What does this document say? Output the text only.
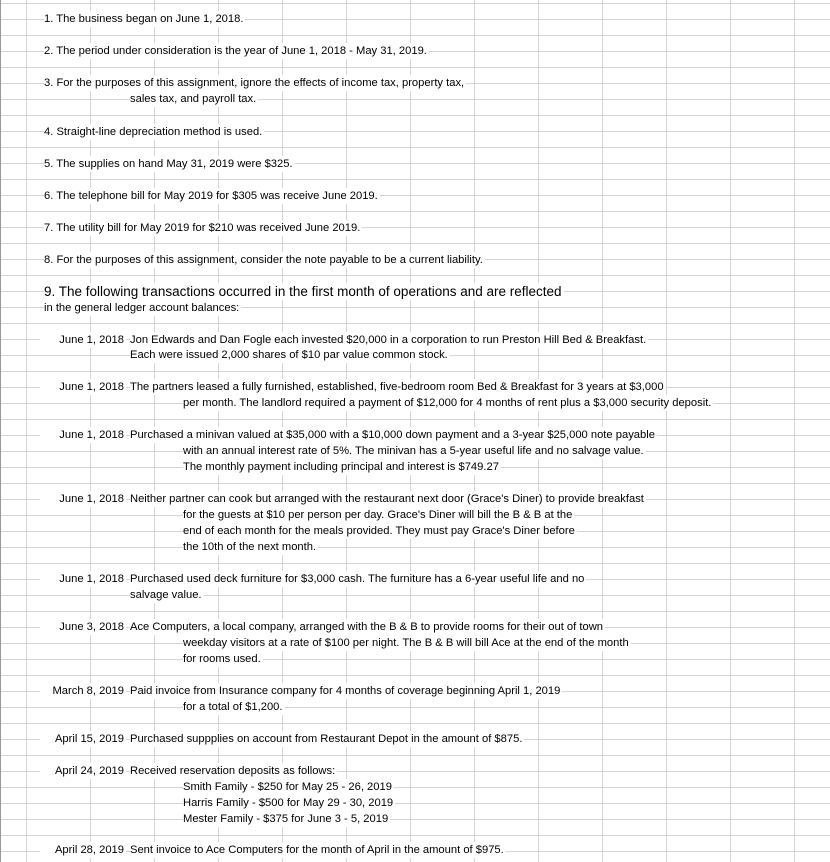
1. The business began on June 1, 2018.
2. The period under consideration is the year of June 1, 2018 - May 31, 2019.
3. For the purposes of this assignment, ignore the effects of income tax, property tax,
sales tax, and payroll tax.
4. Straight-line depreciation method is used.
5. The supplies on hand May 31, 2019 were $325.
6. The telephone bill for May 2019 for $305 was receive June 2019.
7. The utility bill for May 2019 for $210 was received June 2019.
8. For the purposes of this assignment, consider the note payable to be a current liability.
9. The following transactions occurred in the first month of operations and are reflected
in the general ledger account balances:
June 1, 2018 Jon Edwards and Dan Fogle each invested $20,000 in a corporation to run Preston Hill Bed & Breakfast.
Each were issued 2,000 shares of $10 par value common stock.
June 1, 2018 The partners leased a fully furnished, established, five-bedroom room Bed & Breakfast for 3 years at $3,000
per month. The landlord required a payment of $12,000 for 4 months of rent plus a $3,000 security deposit.
June 1, 2018 Purchased a minivan valued at $35,000 with a $10,000 down payment and a 3-year $25,000 note payable
with an annual interest rate of 5%. The minivan has a 5-year useful life and no salvage value.
The monthly payment including principal and interest is $749.27
June 1, 2018 Neither partner can cook but arranged with the restaurant next door (Grace's Diner) to provide breakfast
for the guests at $10 per person per day. Grace's Diner will bill the B & B at the
end of each month for the meals provided. They must pay Grace's Diner before
the 10th of the next month.
June 1, 2018 Purchased used deck furniture for $3,000 cash. The furniture has a 6-year useful life and no
salvage value.
June 3, 2018 Ace Computers, a local company, arranged with the B & B to provide rooms for their out of town
weekday visitors at a rate of $100 per night. The B & B will bill Ace at the end of the month
for rooms used.
March 8, 2019 Paid invoice from Insurance company for 4 months of coverage beginning April 1, 2019
for a total of $1,200.
April 15, 2019 Purchased suppplies on account from Restaurant Depot in the amount of $875.
April 24, 2019 Received reservation deposits as follows:
Smith Family - $250 for May 25 - 26, 2019
Harris Family - $500 for May 29 - 30, 2019
Mester Family - $375 for June 3 - 5, 2019
April 28, 2019 Sent invoice to Ace Computers for the month of April in the amount of $975.
